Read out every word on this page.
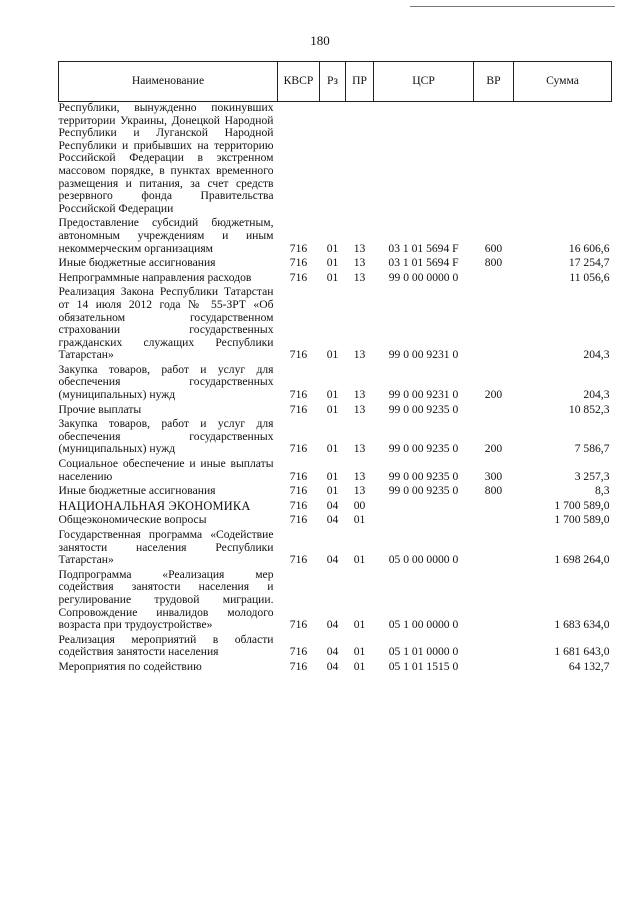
180
Наименование	КВСР	Рз	ПР	ЦСР	ВР	Сумма
Республики, вынужденно покинувших территории Украины, Донецкой Народной Республики и Луганской Народной Республики и прибывших на территорию Российской Федерации в экстренном массовом порядке, в пунктах временного размещения и питания, за счет средств резервного фонда Правительства Российской Федерации						
Предоставление субсидий бюджетным, автономным учреждениям и иным некоммерческим организациям	716	01	13	03 1 01 5694 F	600	16 606,6
Иные бюджетные ассигнования	716	01	13	03 1 01 5694 F	800	17 254,7
Непрограммные направления расходов	716	01	13	99 0 00 0000 0		11 056,6
Реализация Закона Республики Татарстан от 14 июля 2012 года № 55-ЗРТ «Об обязательном государственном страховании государственных гражданских служащих Республики Татарстан»	716	01	13	99 0 00 9231 0		204,3
Закупка товаров, работ и услуг для обеспечения государственных (муниципальных) нужд	716	01	13	99 0 00 9231 0	200	204,3
Прочие выплаты	716	01	13	99 0 00 9235 0		10 852,3
Закупка товаров, работ и услуг для обеспечения государственных (муниципальных) нужд	716	01	13	99 0 00 9235 0	200	7 586,7
Социальное обеспечение и иные выплаты населению	716	01	13	99 0 00 9235 0	300	3 257,3
Иные бюджетные ассигнования	716	01	13	99 0 00 9235 0	800	8,3
НАЦИОНАЛЬНАЯ ЭКОНОМИКА	716	04	00			1 700 589,0
Общеэкономические вопросы	716	04	01			1 700 589,0
Государственная программа «Содействие занятости населения Республики Татарстан»	716	04	01	05 0 00 0000 0		1 698 264,0
Подпрограмма «Реализация мер содействия занятости населения и регулирование трудовой миграции. Сопровождение инвалидов молодого возраста при трудоустройстве»	716	04	01	05 1 00 0000 0		1 683 634,0
Реализация мероприятий в области содействия занятости населения	716	04	01	05 1 01 0000 0		1 681 643,0
Мероприятия по содействию	716	04	01	05 1 01 1515 0		64 132,7
